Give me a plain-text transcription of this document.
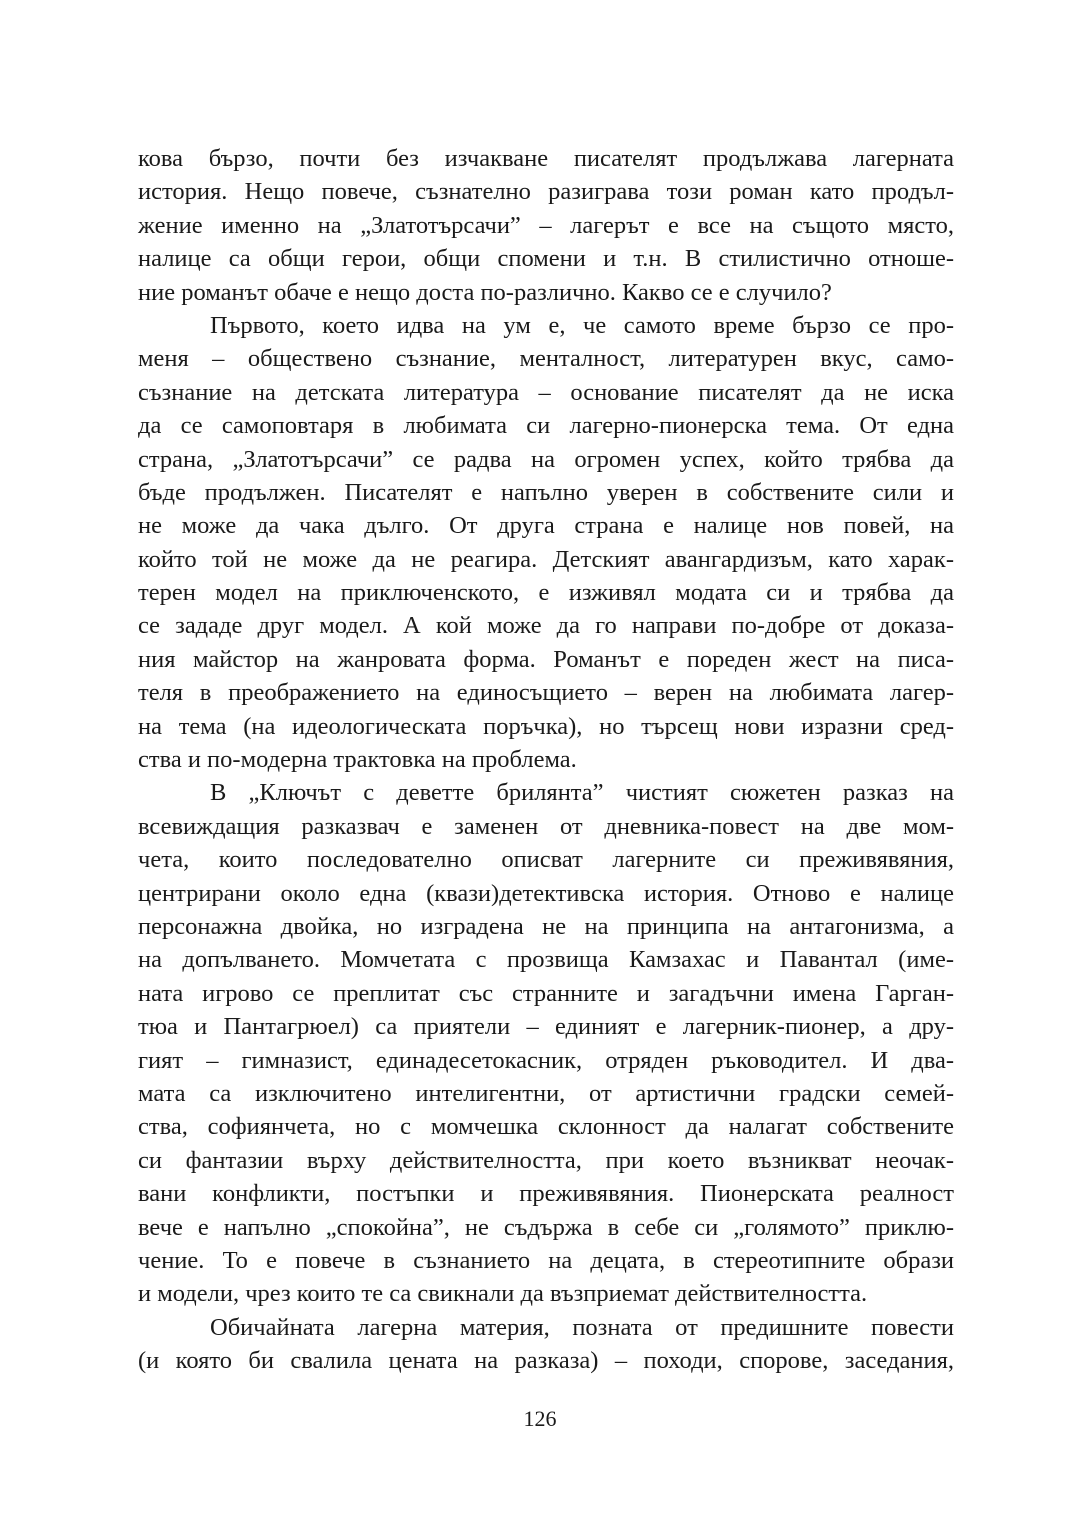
кова бързо, почти без изчакване писателят продължава лагерната
история. Нещо повече, съзнателно разиграва този роман като продъл-
жение именно на „Златотърсачи” – лагерът е все на същото място,
налице са общи герои, общи спомени и т.н. В стилистично отноше-
ние романът обаче е нещо доста по-различно. Какво се е случило?
Първото, което идва на ум е, че самото време бързо се про-
меня – обществено съзнание, менталност, литературен вкус, само-
съзнание на детската литература – основание писателят да не иска
да се самоповтаря в любимата си лагерно-пионерска тема. От една
страна, „Златотърсачи” се радва на огромен успех, който трябва да
бъде продължен. Писателят е напълно уверен в собствените сили и
не може да чака дълго. От друга страна е налице нов повей, на
който той не може да не реагира. Детският авангардизъм, като харак-
терен модел на приключенското, е изживял модата си и трябва да
се зададе друг модел. А кой може да го направи по-добре от доказа-
ния майстор на жанровата форма. Романът е пореден жест на писа-
теля в преображението на единосъщието – верен на любимата лагер-
на тема (на идеологическата поръчка), но търсещ нови изразни сред-
ства и по-модерна трактовка на проблема.
В „Ключът с деветте брилянта” чистият сюжетен разказ на
всевиждащия разказвач е заменен от дневника-повест на две мом-
чета, които последователно описват лагерните си преживявяния,
центрирани около една (квази)детективска история. Отново е налице
персонажна двойка, но изградена не на принципа на антагонизма, а
на допълването. Момчетата с прозвища Камзахас и Павантал (име-
ната игрово се преплитат със странните и загадъчни имена Гарган-
тюа и Пантагрюел) са приятели – единият е лагерник-пионер, а дру-
гият – гимназист, единадесетокасник, отряден ръководител. И два-
мата са изключитено интелигентни, от артистични градски семей-
ства, софиянчета, но с момчешка склонност да налагат собствените
си фантазии върху действителността, при което възникват неочак-
вани конфликти, постъпки и преживявяния. Пионерската реалност
вече е напълно „спокойна”, не съдържа в себе си „голямото” приклю-
чение. То е повече в съзнанието на децата, в стереотипните образи
и модели, чрез които те са свикнали да възприемат действителността.
Обичайната лагерна материя, позната от предишните повести
(и която би свалила цената на разказа) – походи, спорове, заседания,
126
